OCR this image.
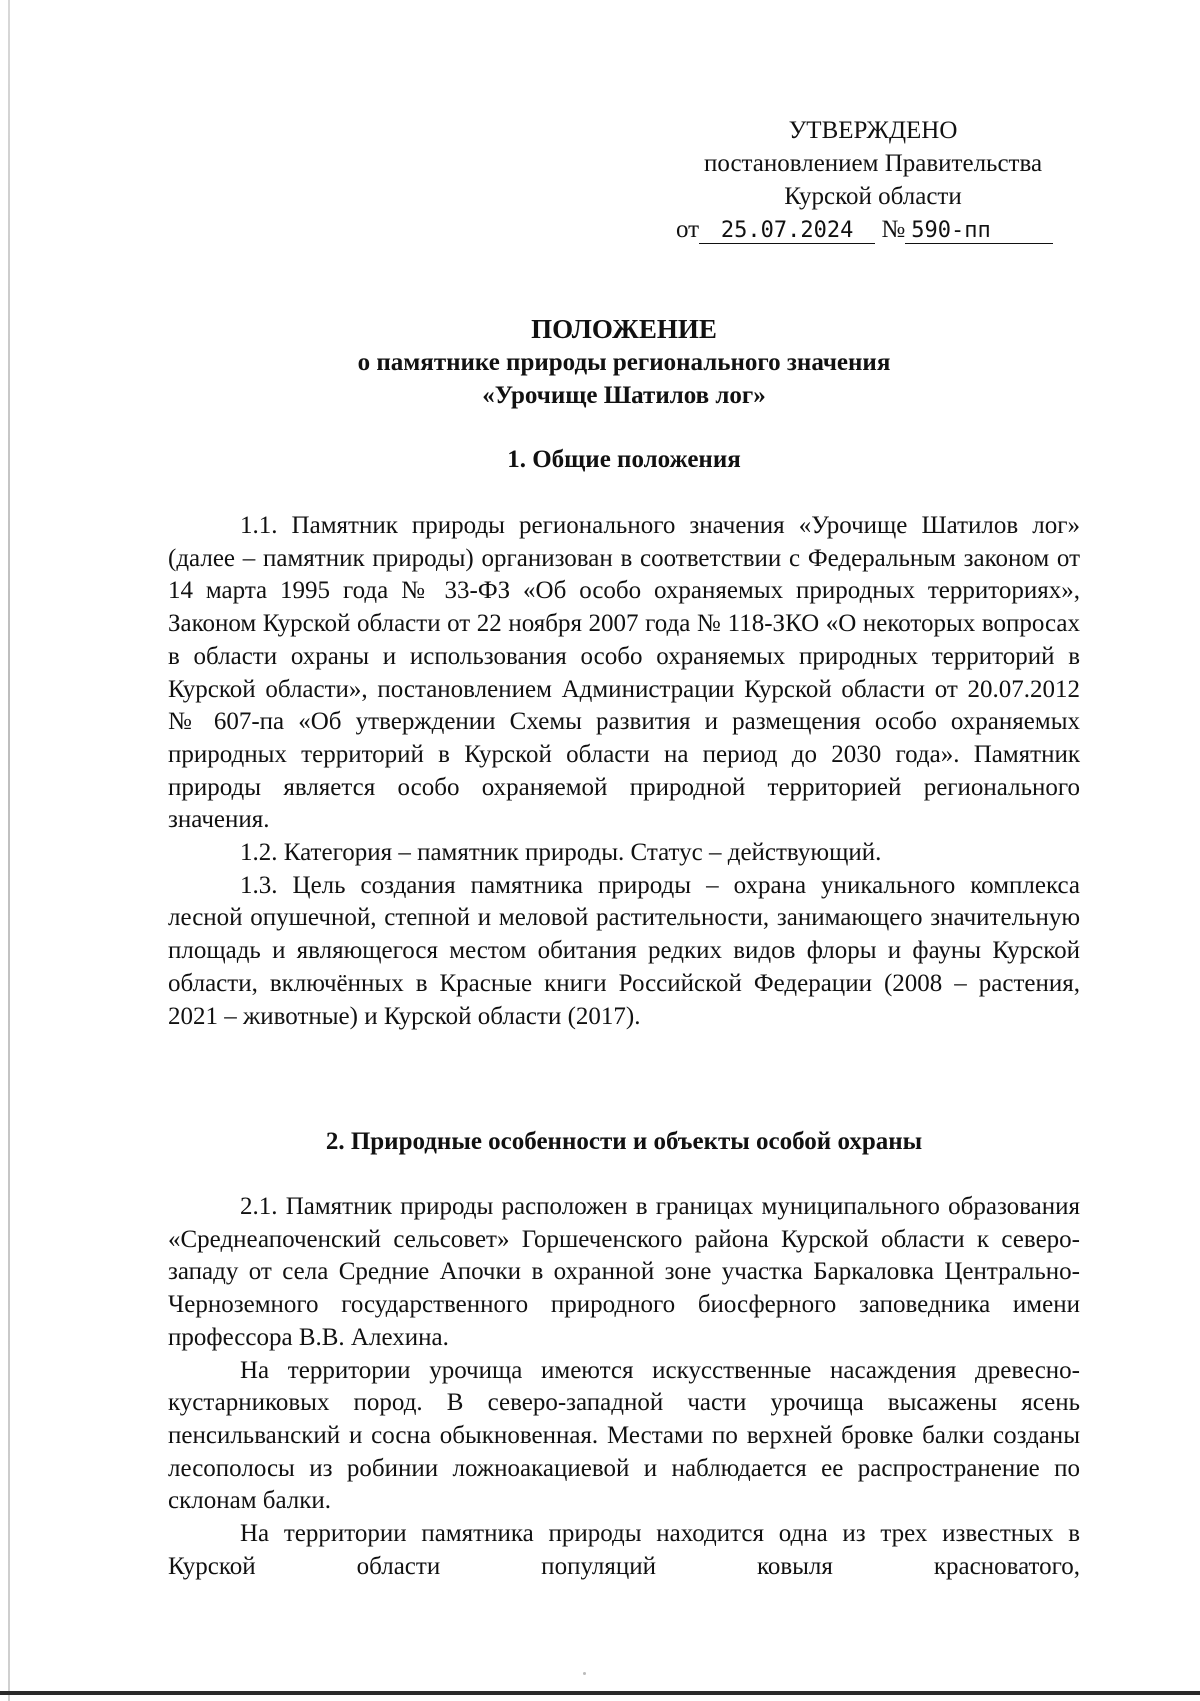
УТВЕРЖДЕНО
постановлением Правительства
Курской области
от 25.07.2024 № 590-пп
ПОЛОЖЕНИЕ
о памятнике природы регионального значения
«Урочище Шатилов лог»
1. Общие положения

1.1. Памятник природы регионального значения «Урочище Шатилов лог» (далее – памятник природы) организован в соответствии с Федеральным законом от 14 марта 1995 года № 33-ФЗ «Об особо охраняемых природных территориях», Законом Курской области от 22 ноября 2007 года № 118-ЗКО «О некоторых вопросах в области охраны и использования особо охраняемых природных территорий в Курской области», постановлением Администрации Курской области от 20.07.2012 № 607-па «Об утверждении Схемы развития и размещения особо охраняемых природных территорий в Курской области на период до 2030 года». Памятник природы является особо охраняемой природной территорией регионального значения.

1.2. Категория – памятник природы. Статус – действующий.

1.3. Цель создания памятника природы – охрана уникального комплекса лесной опушечной, степной и меловой растительности, занимающего значительную площадь и являющегося местом обитания редких видов флоры и фауны Курской области, включённых в Красные книги Российской Федерации (2008 – растения, 2021 – животные) и Курской области (2017).

2. Природные особенности и объекты особой охраны

2.1. Памятник природы расположен в границах муниципального образования «Среднеапоченский сельсовет» Горшеченского района Курской области к северо-западу от села Средние Апочки в охранной зоне участка Баркаловка Центрально-Черноземного государственного природного биосферного заповедника имени профессора В.В. Алехина.

На территории урочища имеются искусственные насаждения древесно-кустарниковых пород. В северо-западной части урочища высажены ясень пенсильванский и сосна обыкновенная. Местами по верхней бровке балки созданы лесополосы из робинии ложноакациевой и наблюдается ее распространение по склонам балки.

На территории памятника природы находится одна из трех известных в Курской области популяций ковыля красноватого,
